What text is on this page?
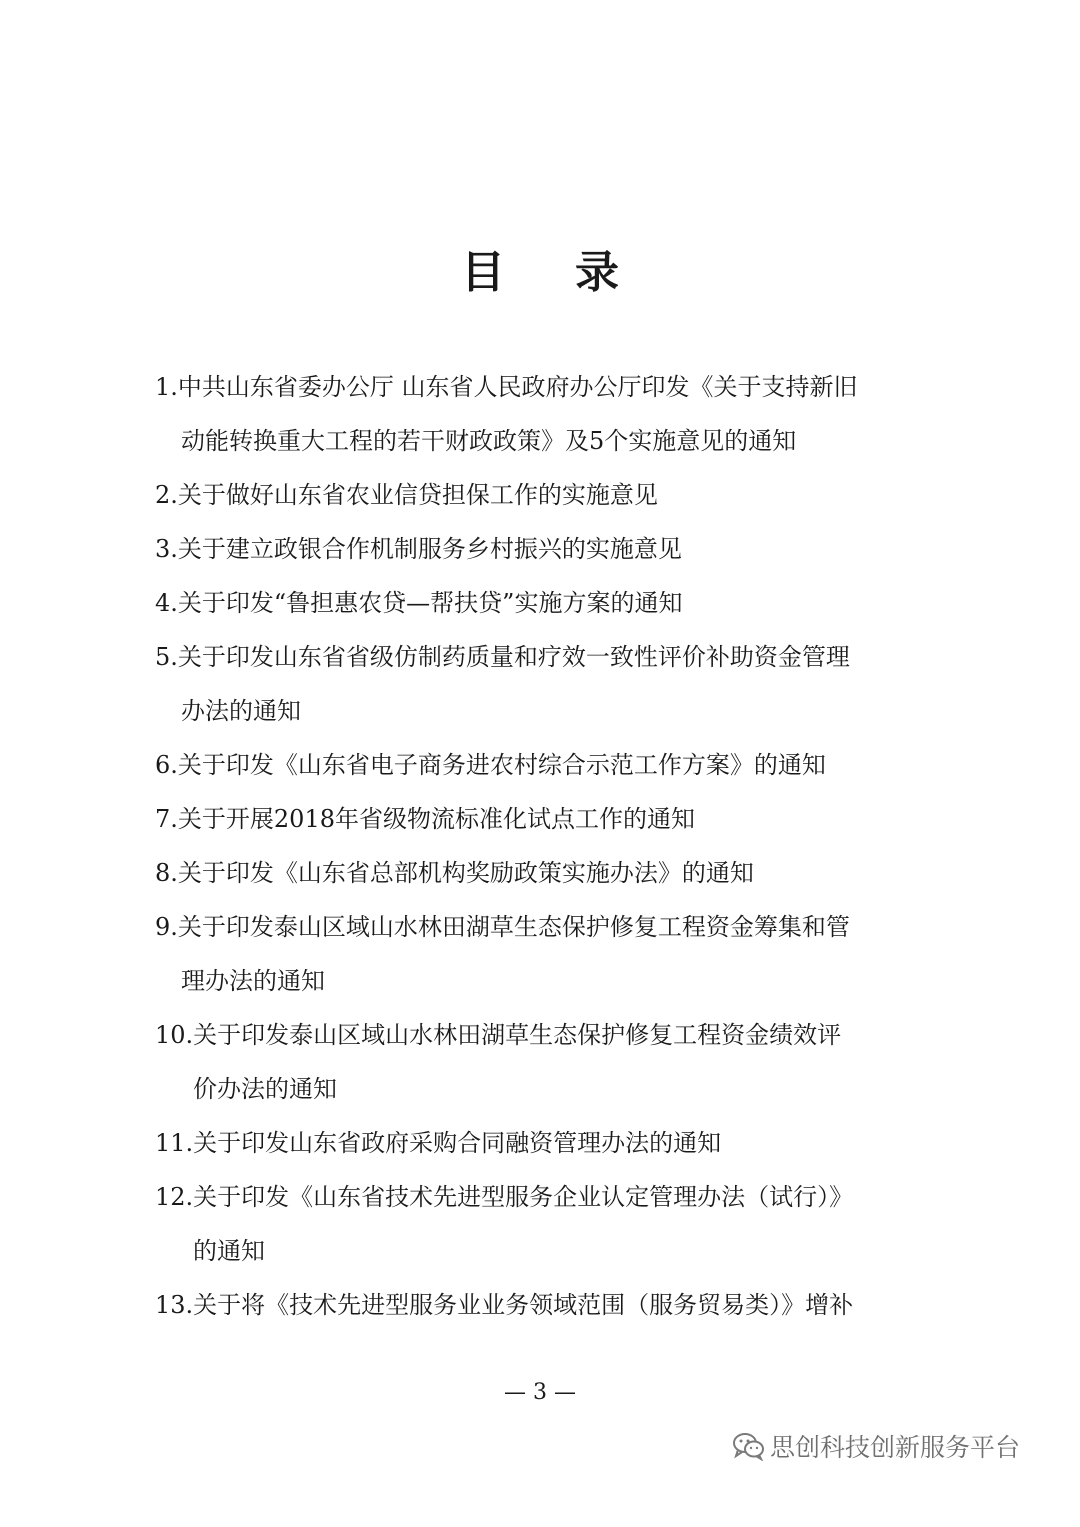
目录
1.中共山东省委办公厅 山东省人民政府办公厅印发《关于支持新旧
动能转换重大工程的若干财政政策》及5个实施意见的通知
2.关于做好山东省农业信贷担保工作的实施意见
3.关于建立政银合作机制服务乡村振兴的实施意见
4.关于印发“鲁担惠农贷—帮扶贷”实施方案的通知
5.关于印发山东省省级仿制药质量和疗效一致性评价补助资金管理
办法的通知
6.关于印发《山东省电子商务进农村综合示范工作方案》的通知
7.关于开展2018年省级物流标准化试点工作的通知
8.关于印发《山东省总部机构奖励政策实施办法》的通知
9.关于印发泰山区域山水林田湖草生态保护修复工程资金筹集和管
理办法的通知
10.关于印发泰山区域山水林田湖草生态保护修复工程资金绩效评
价办法的通知
11.关于印发山东省政府采购合同融资管理办法的通知
12.关于印发《山东省技术先进型服务企业认定管理办法（试行）》
的通知
13.关于将《技术先进型服务业业务领域范围（服务贸易类）》增补
— 3 —
思创科技创新服务平台
